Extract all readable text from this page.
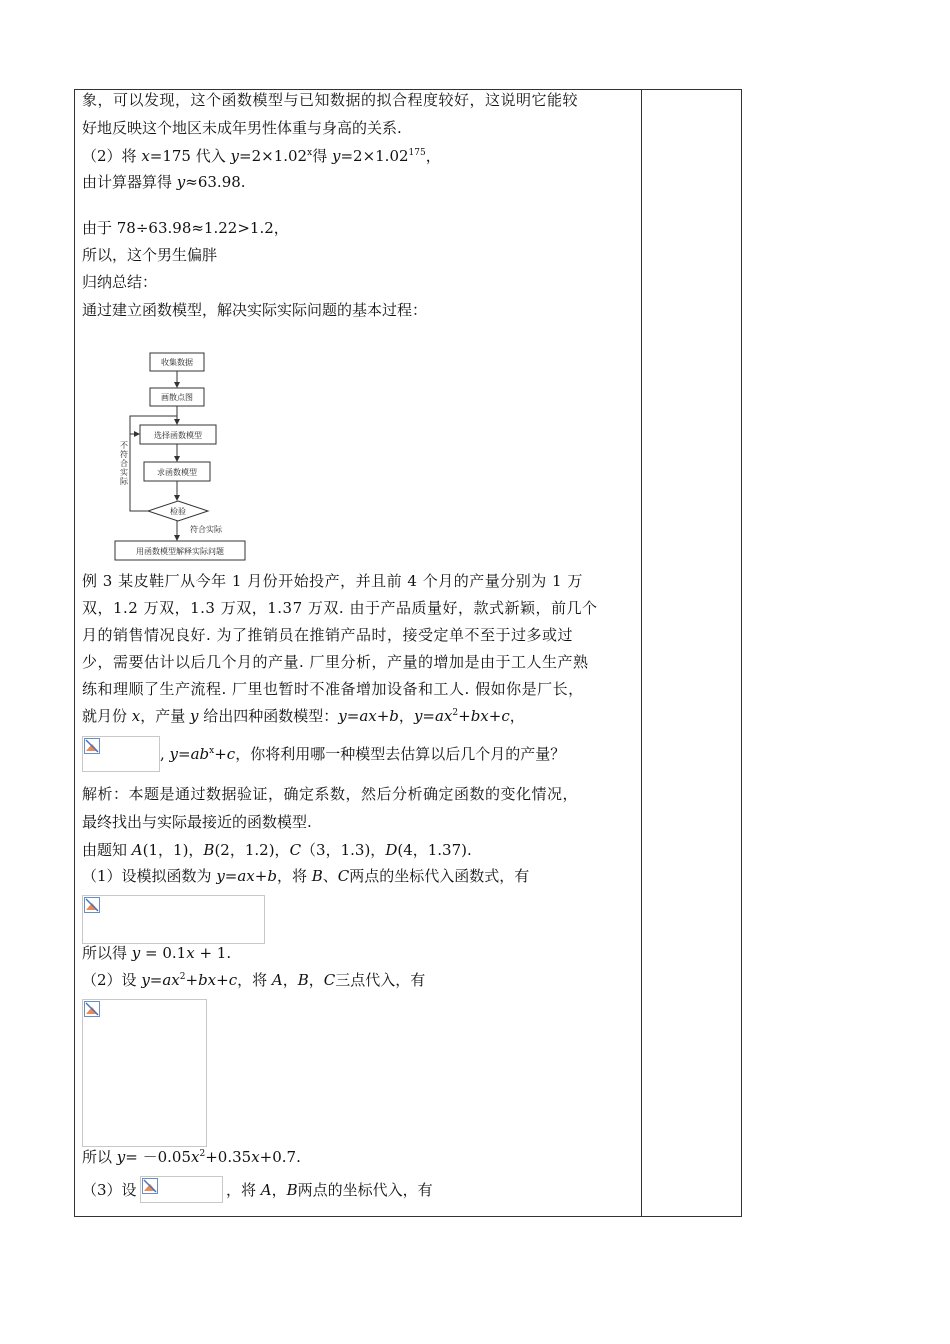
象，可以发现，这个函数模型与已知数据的拟合程度较好，这说明它能较
好地反映这个地区未成年男性体重与身高的关系.
（2）将 x=175 代入 $y=2\times 1.02^x$得 $y=2\times 1.02^{175}$，
由计算器算得 y≈63.98.
由于 78÷63.98≈1.22>1.2，
所以，这个男生偏胖
归纳总结：
通过建立函数模型，解决实际实际问题的基本过程：
收集数据
画散点图
选择函数模型
求函数模型
检验
符合实际
不
符
合
实
际
用函数模型解释实际问题
例 3 某皮鞋厂从今年 1 月份开始投产，并且前 4 个月的产量分别为 1 万
双，1.2 万双，1.3 万双，1.37 万双. 由于产品质量好，款式新颖，前几个
月的销售情况良好. 为了推销员在推销产品时，接受定单不至于过多或过
少，需要估计以后几个月的产量. 厂里分析，产量的增加是由于工人生产熟
练和理顺了生产流程. 厂里也暂时不准备增加设备和工人. 假如你是厂长，
就月份 x，产量 y 给出四种函数模型：y=ax+b，$y=ax^2+bx+c$，
, $y=ab^x+c$，你将利用哪一种模型去估算以后几个月的产量？
解析：本题是通过数据验证，确定系数，然后分析确定函数的变化情况，
最终找出与实际最接近的函数模型.
由题知 A(1，1)，B(2，1.2)，C（3，1.3)，D(4，1.37).
（1）设模拟函数为 y=ax+b，将 B、C两点的坐标代入函数式，有
所以得 y = 0.1x + 1.
（2）设 $y=ax^2+bx+c$，将 A，B，C三点代入，有
所以 $y= -0.05x^2+0.35x+0.7$.
（3）设	，将 A，B两点的坐标代入，有
